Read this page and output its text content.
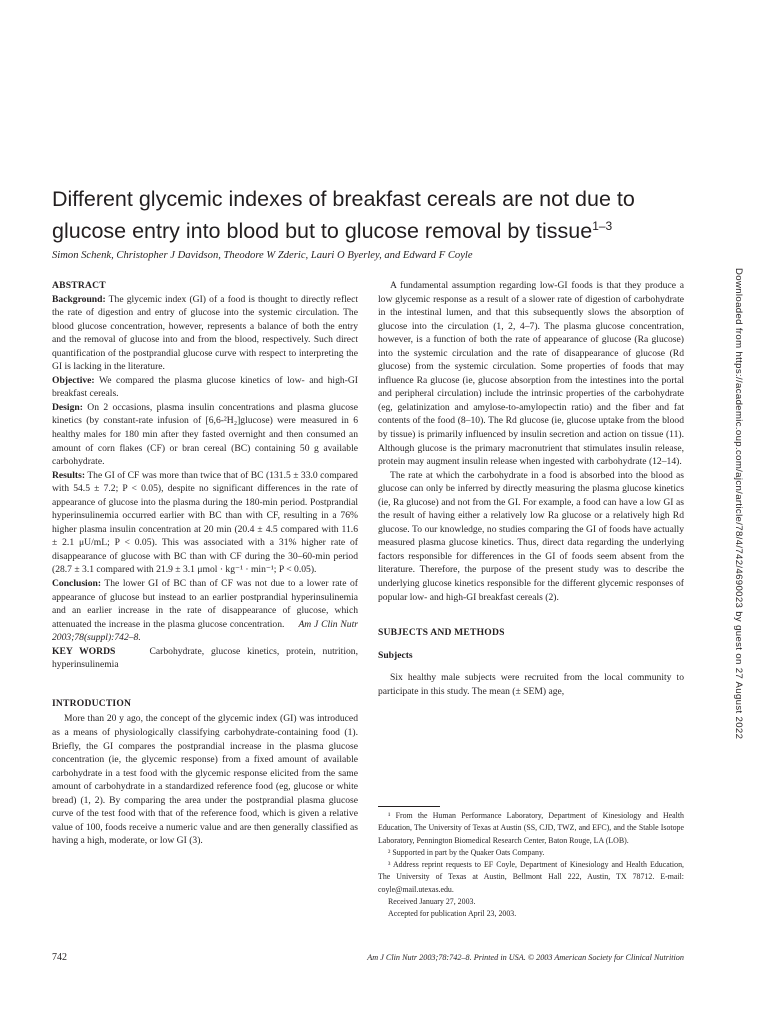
Different glycemic indexes of breakfast cereals are not due to glucose entry into blood but to glucose removal by tissue$^{1-3}$
Simon Schenk, Christopher J Davidson, Theodore W Zderic, Lauri O Byerley, and Edward F Coyle
ABSTRACT

Background: The glycemic index (GI) of a food is thought to directly reflect the rate of digestion and entry of glucose into the systemic circulation. The blood glucose concentration, however, represents a balance of both the entry and the removal of glucose into and from the blood, respectively. Such direct quantification of the postprandial glucose curve with respect to interpreting the GI is lacking in the literature.

Objective: We compared the plasma glucose kinetics of low- and high-GI breakfast cereals.

Design: On 2 occasions, plasma insulin concentrations and plasma glucose kinetics (by constant-rate infusion of [6,6-²H₂]glucose) were measured in 6 healthy males for 180 min after they fasted overnight and then consumed an amount of corn flakes (CF) or bran cereal (BC) containing 50 g available carbohydrate.

Results: The GI of CF was more than twice that of BC (131.5 ± 33.0 compared with 54.5 ± 7.2; P < 0.05), despite no significant differences in the rate of appearance of glucose into the plasma during the 180-min period. Postprandial hyperinsulinemia occurred earlier with BC than with CF, resulting in a 76% higher plasma insulin concentration at 20 min (20.4 ± 4.5 compared with 11.6 ± 2.1 μU/mL; P < 0.05). This was associated with a 31% higher rate of disappearance of glucose with BC than with CF during the 30–60-min period (28.7 ± 3.1 compared with 21.9 ± 3.1 μmol · kg⁻¹ · min⁻¹; P < 0.05).

Conclusion: The lower GI of BC than of CF was not due to a lower rate of appearance of glucose but instead to an earlier postprandial hyperinsulinemia and an earlier increase in the rate of disappearance of glucose, which attenuated the increase in the plasma glucose concentration. Am J Clin Nutr 2003;78(suppl):742–8.

KEY WORDS	Carbohydrate, glucose kinetics, protein, nutrition, hyperinsulinemia

INTRODUCTION

More than 20 y ago, the concept of the glycemic index (GI) was introduced as a means of physiologically classifying carbohydrate-containing food (1). Briefly, the GI compares the postprandial increase in the plasma glucose concentration (ie, the glycemic response) from a fixed amount of available carbohydrate in a test food with the glycemic response elicited from the same amount of carbohydrate in a standardized reference food (eg, glucose or white bread) (1, 2). By comparing the area under the postprandial plasma glucose curve of the test food with that of the reference food, which is given a relative value of 100, foods receive a numeric value and are then generally classified as having a high, moderate, or low GI (3).

A fundamental assumption regarding low-GI foods is that they produce a low glycemic response as a result of a slower rate of digestion of carbohydrate in the intestinal lumen, and that this subsequently slows the absorption of glucose into the circulation (1, 2, 4–7). The plasma glucose concentration, however, is a function of both the rate of appearance of glucose (Ra glucose) into the systemic circulation and the rate of disappearance of glucose (Rd glucose) from the systemic circulation. Some properties of foods that may influence Ra glucose (ie, glucose absorption from the intestines into the portal and peripheral circulation) include the intrinsic properties of the carbohydrate (eg, gelatinization and amylose-to-amylopectin ratio) and the fiber and fat contents of the food (8–10). The Rd glucose (ie, glucose uptake from the blood by tissue) is primarily influenced by insulin secretion and action on tissue (11). Although glucose is the primary macronutrient that stimulates insulin release, protein may augment insulin release when ingested with carbohydrate (12–14).

The rate at which the carbohydrate in a food is absorbed into the blood as glucose can only be inferred by directly measuring the plasma glucose kinetics (ie, Ra glucose) and not from the GI. For example, a food can have a low GI as the result of having either a relatively low Ra glucose or a relatively high Rd glucose. To our knowledge, no studies comparing the GI of foods have actually measured plasma glucose kinetics. Thus, direct data regarding the underlying factors responsible for differences in the GI of foods seem absent from the literature. Therefore, the purpose of the present study was to describe the underlying glucose kinetics responsible for the different glycemic responses of popular low- and high-GI breakfast cereals (2).

SUBJECTS AND METHODS
Subjects

Six healthy male subjects were recruited from the local community to participate in this study. The mean (± SEM) age,

¹ From the Human Performance Laboratory, Department of Kinesiology and Health Education, The University of Texas at Austin (SS, CJD, TWZ, and EFC), and the Stable Isotope Laboratory, Pennington Biomedical Research Center, Baton Rouge, LA (LOB).

² Supported in part by the Quaker Oats Company.

³ Address reprint requests to EF Coyle, Department of Kinesiology and Health Education, The University of Texas at Austin, Bellmont Hall 222, Austin, TX 78712. E-mail: coyle@mail.utexas.edu.

Received January 27, 2003.

Accepted for publication April 23, 2003.

742	Am J Clin Nutr 2003;78:742–8. Printed in USA. © 2003 American Society for Clinical Nutrition
Downloaded from https://academic.oup.com/ajcn/article/78/4/742/4690023 by guest on 27 August 2022
